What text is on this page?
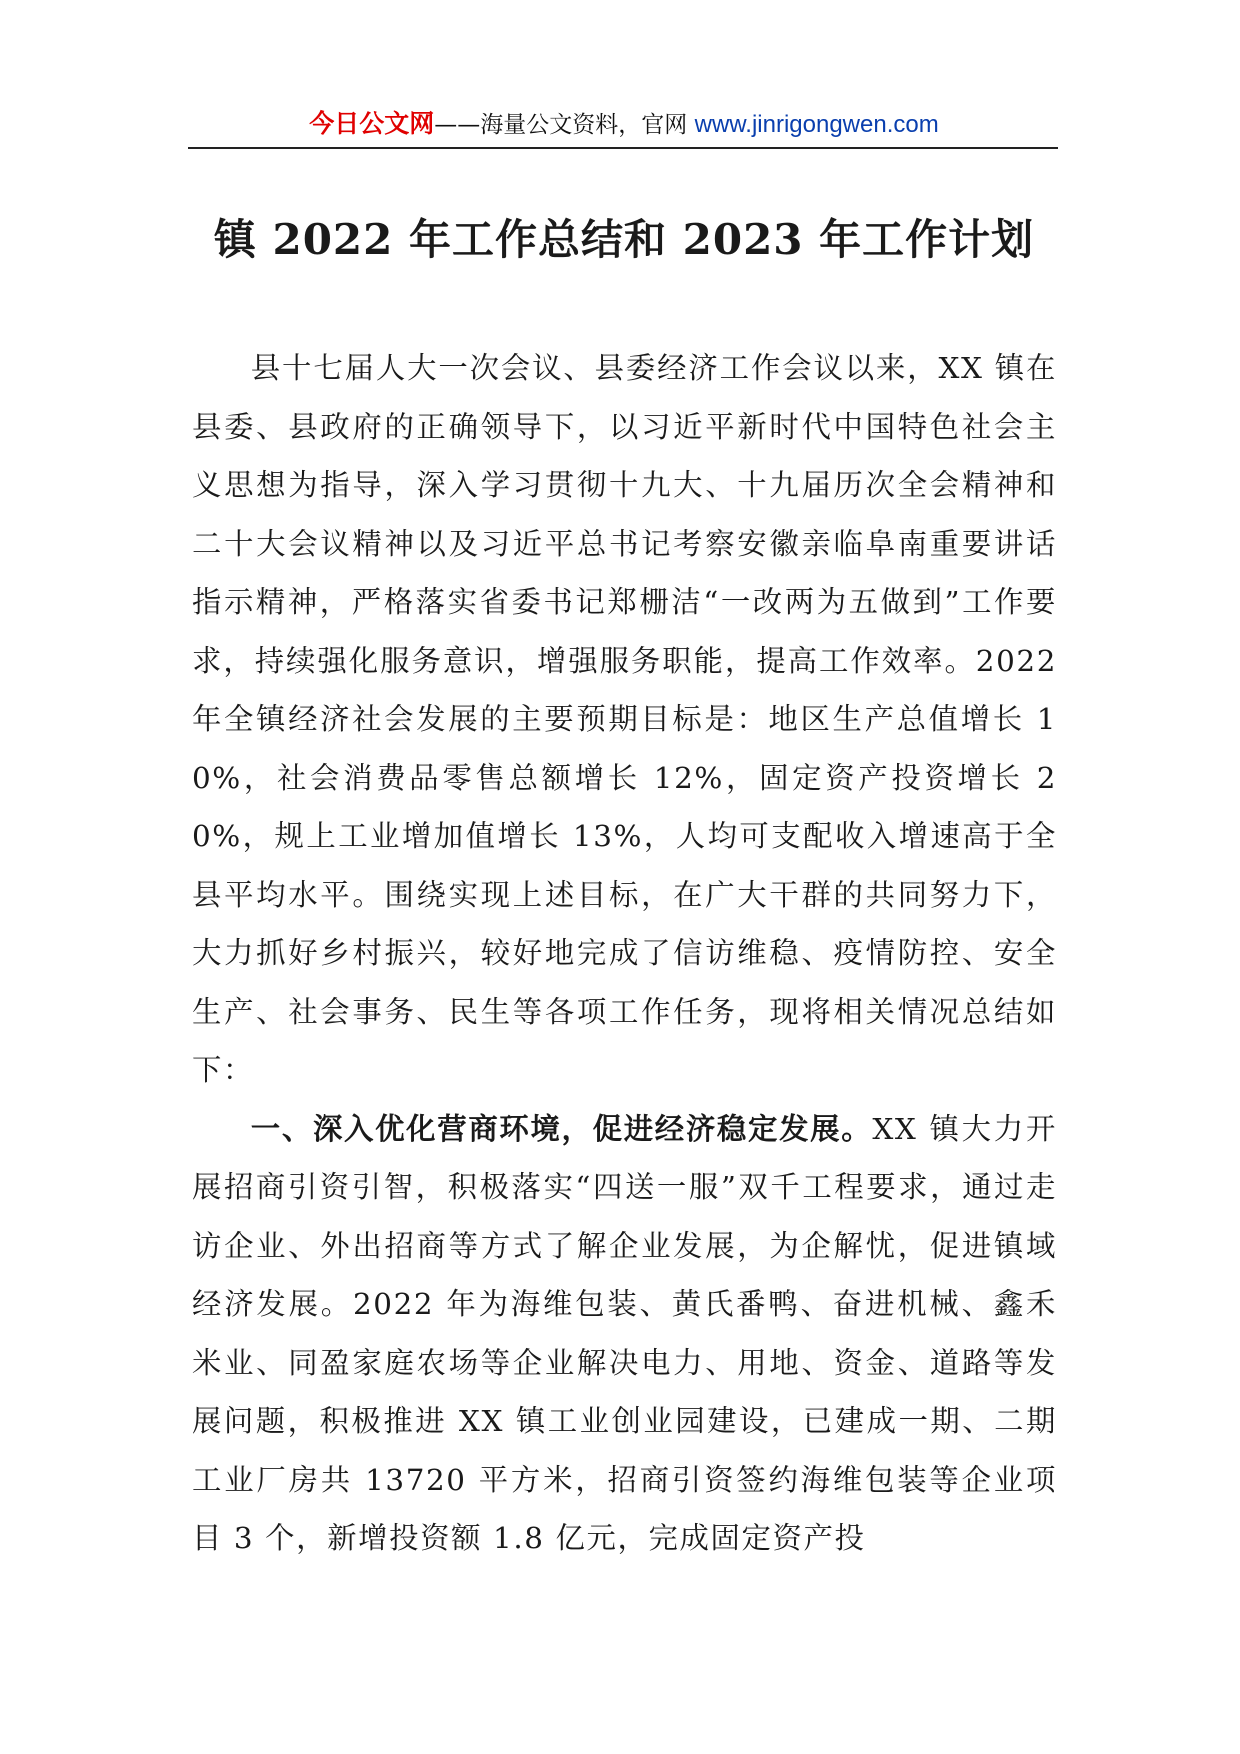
今日公文网——海量公文资料，官网 www.jinrigongwen.com
镇 2022 年工作总结和 2023 年工作计划

县十七届人大一次会议、县委经济工作会议以来，XX 镇在县委、县政府的正确领导下，以习近平新时代中国特色社会主义思想为指导，深入学习贯彻十九大、十九届历次全会精神和二十大会议精神以及习近平总书记考察安徽亲临阜南重要讲话指示精神，严格落实省委书记郑栅洁“一改两为五做到”工作要求，持续强化服务意识，增强服务职能，提高工作效率。2022 年全镇经济社会发展的主要预期目标是：地区生产总值增长 10%，社会消费品零售总额增长 12%，固定资产投资增长 20%，规上工业增加值增长 13%，人均可支配收入增速高于全县平均水平。围绕实现上述目标，在广大干群的共同努力下，大力抓好乡村振兴，较好地完成了信访维稳、疫情防控、安全生产、社会事务、民生等各项工作任务，现将相关情况总结如下：

一、深入优化营商环境，促进经济稳定发展。XX 镇大力开展招商引资引智，积极落实“四送一服”双千工程要求，通过走访企业、外出招商等方式了解企业发展，为企解忧，促进镇域经济发展。2022 年为海维包装、黄氏番鸭、奋进机械、鑫禾米业、同盈家庭农场等企业解决电力、用地、资金、道路等发展问题，积极推进 XX 镇工业创业园建设，已建成一期、二期工业厂房共 13720 平方米，招商引资签约海维包装等企业项目 3 个，新增投资额 1.8 亿元，完成固定资产投
